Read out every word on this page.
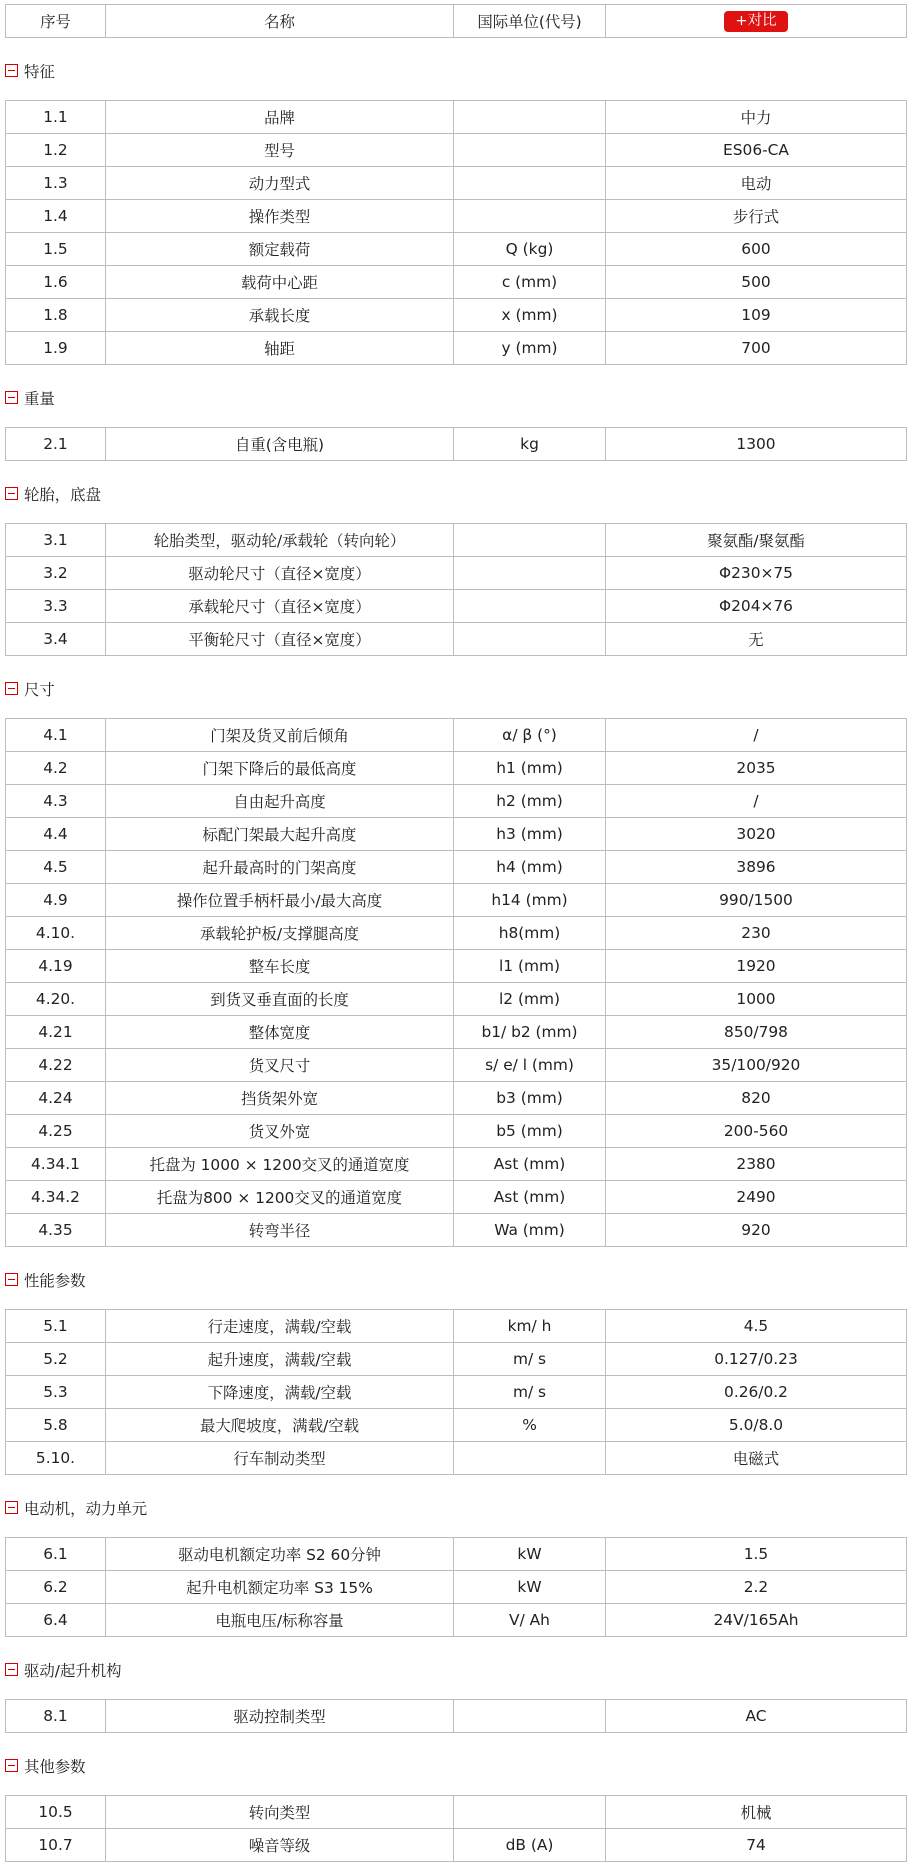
序号	名称	国际单位(代号)	+对比
特征
1.1	品牌		中力
1.2	型号		ES06-CA
1.3	动力型式		电动
1.4	操作类型		步行式
1.5	额定载荷	Q (kg)	600
1.6	载荷中心距	c (mm)	500
1.8	承载长度	x (mm)	109
1.9	轴距	y (mm)	700
重量
2.1	自重(含电瓶)	kg	1300
轮胎，底盘
3.1	轮胎类型，驱动轮/承载轮（转向轮）		聚氨酯/聚氨酯
3.2	驱动轮尺寸（直径×宽度）		Φ230×75
3.3	承载轮尺寸（直径×宽度）		Φ204×76
3.4	平衡轮尺寸（直径×宽度）		无
尺寸
4.1	门架及货叉前后倾角	α/ β (°)	/
4.2	门架下降后的最低高度	h1 (mm)	2035
4.3	自由起升高度	h2 (mm)	/
4.4	标配门架最大起升高度	h3 (mm)	3020
4.5	起升最高时的门架高度	h4 (mm)	3896
4.9	操作位置手柄杆最小/最大高度	h14 (mm)	990/1500
4.10.	承载轮护板/支撑腿高度	h8(mm)	230
4.19	整车长度	l1 (mm)	1920
4.20.	到货叉垂直面的长度	l2 (mm)	1000
4.21	整体宽度	b1/ b2 (mm)	850/798
4.22	货叉尺寸	s/ e/ l (mm)	35/100/920
4.24	挡货架外宽	b3 (mm)	820
4.25	货叉外宽	b5 (mm)	200-560
4.34.1	托盘为 1000 × 1200交叉的通道宽度	Ast (mm)	2380
4.34.2	托盘为800 × 1200交叉的通道宽度	Ast (mm)	2490
4.35	转弯半径	Wa (mm)	920
性能参数
5.1	行走速度，满载/空载	km/ h	4.5
5.2	起升速度，满载/空载	m/ s	0.127/0.23
5.3	下降速度，满载/空载	m/ s	0.26/0.2
5.8	最大爬坡度，满载/空载	%	5.0/8.0
5.10.	行车制动类型		电磁式
电动机，动力单元
6.1	驱动电机额定功率 S2 60分钟	kW	1.5
6.2	起升电机额定功率 S3 15%	kW	2.2
6.4	电瓶电压/标称容量	V/ Ah	24V/165Ah
驱动/起升机构
8.1	驱动控制类型		AC
其他参数
10.5	转向类型		机械
10.7	噪音等级	dB (A)	74
